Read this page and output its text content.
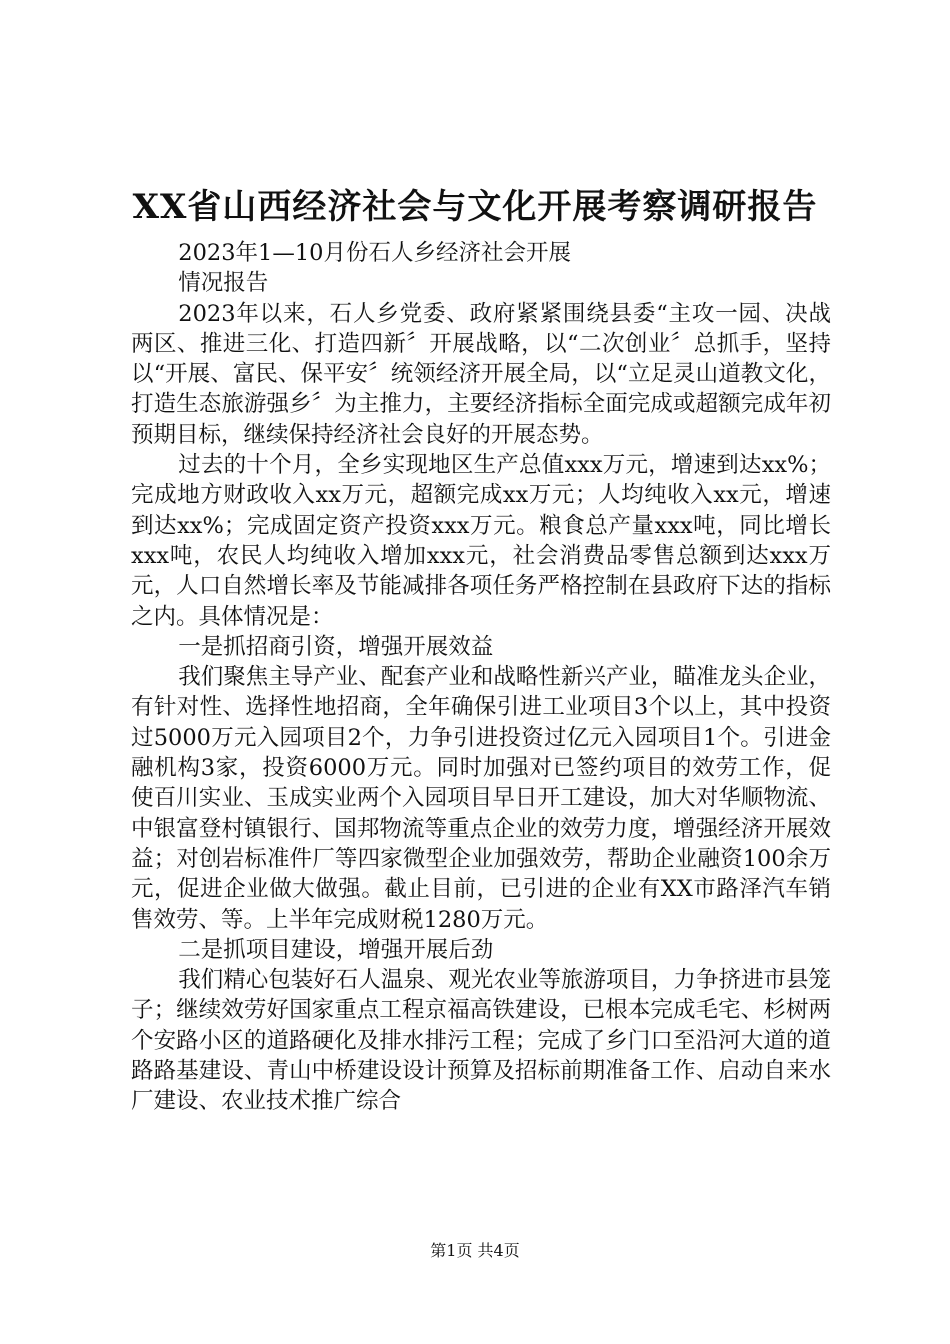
XX省山西经济社会与文化开展考察调研报告

2023年1—10月份石人乡经济社会开展

情况报告

2023年以来，石人乡党委、政府紧紧围绕县委“主攻一园、决战两区、推进三化、打造四新〞开展战略，以“二次创业〞总抓手，坚持以“开展、富民、保平安〞统领经济开展全局，以“立足灵山道教文化，打造生态旅游强乡〞为主推力，主要经济指标全面完成或超额完成年初预期目标，继续保持经济社会良好的开展态势。

过去的十个月，全乡实现地区生产总值xxx万元，增速到达xx%；完成地方财政收入xx万元，超额完成xx万元；人均纯收入xx元，增速到达xx%；完成固定资产投资xxx万元。粮食总产量xxx吨，同比增长xxx吨，农民人均纯收入增加xxx元，社会消费品零售总额到达xxx万元，人口自然增长率及节能减排各项任务严格控制在县政府下达的指标之内。具体情况是：

一是抓招商引资，增强开展效益

我们聚焦主导产业、配套产业和战略性新兴产业，瞄准龙头企业，有针对性、选择性地招商，全年确保引进工业项目3个以上，其中投资过5000万元入园项目2个，力争引进投资过亿元入园项目1个。引进金融机构3家，投资6000万元。同时加强对已签约项目的效劳工作，促使百川实业、玉成实业两个入园项目早日开工建设，加大对华顺物流、中银富登村镇银行、国邦物流等重点企业的效劳力度，增强经济开展效益；对创岩标准件厂等四家微型企业加强效劳，帮助企业融资100余万元，促进企业做大做强。截止目前，已引进的企业有XX市路泽汽车销售效劳、等。上半年完成财税1280万元。

二是抓项目建设，增强开展后劲

我们精心包装好石人温泉、观光农业等旅游项目，力争挤进市县笼子；继续效劳好国家重点工程京福高铁建设，已根本完成毛宅、杉树两个安路小区的道路硬化及排水排污工程；完成了乡门口至沿河大道的道路路基建设、青山中桥建设设计预算及招标前期准备工作、启动自来水厂建设、农业技术推广综合

第1页 共4页
